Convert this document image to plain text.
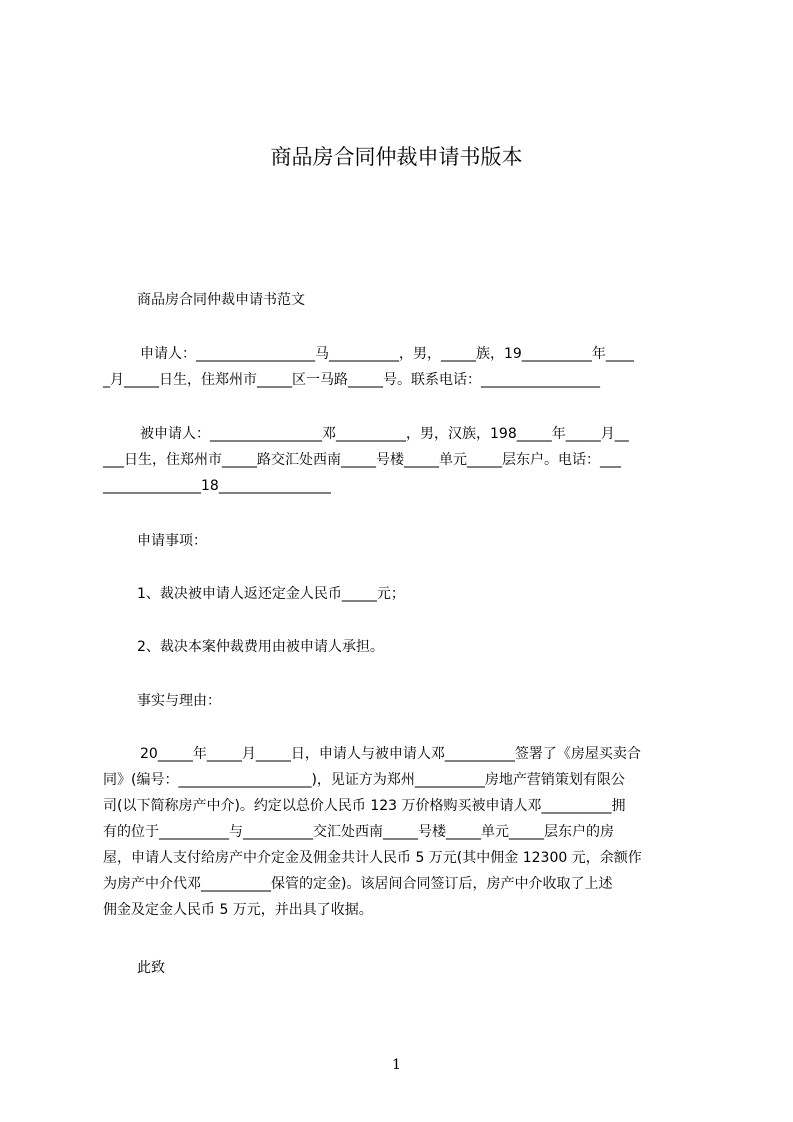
商品房合同仲裁申请书版本
商品房合同仲裁申请书范文
申请人：_________________马__________，男，_____族，19__________年____
_月_____日生，住郑州市_____区一马路_____号。联系电话：_________________
被申请人：________________邓__________，男，汉族，198_____年_____月__
___日生，住郑州市_____路交汇处西南_____号楼_____单元_____层东户。电话：___
______________18________________
申请事项：
1、裁决被申请人返还定金人民币_____元；
2、裁决本案仲裁费用由被申请人承担。
事实与理由：
20_____年_____月_____日，申请人与被申请人邓__________签署了《房屋买卖合
同》(编号：___________________)，见证方为郑州__________房地产营销策划有限公
司(以下简称房产中介)。约定以总价人民币 123 万价格购买被申请人邓__________拥
有的位于__________与__________交汇处西南_____号楼_____单元_____层东户的房
屋，申请人支付给房产中介定金及佣金共计人民币 5 万元(其中佣金 12300 元，余额作
为房产中介代邓__________保管的定金)。该居间合同签订后，房产中介收取了上述
佣金及定金人民币 5 万元，并出具了收据。
此致
1
